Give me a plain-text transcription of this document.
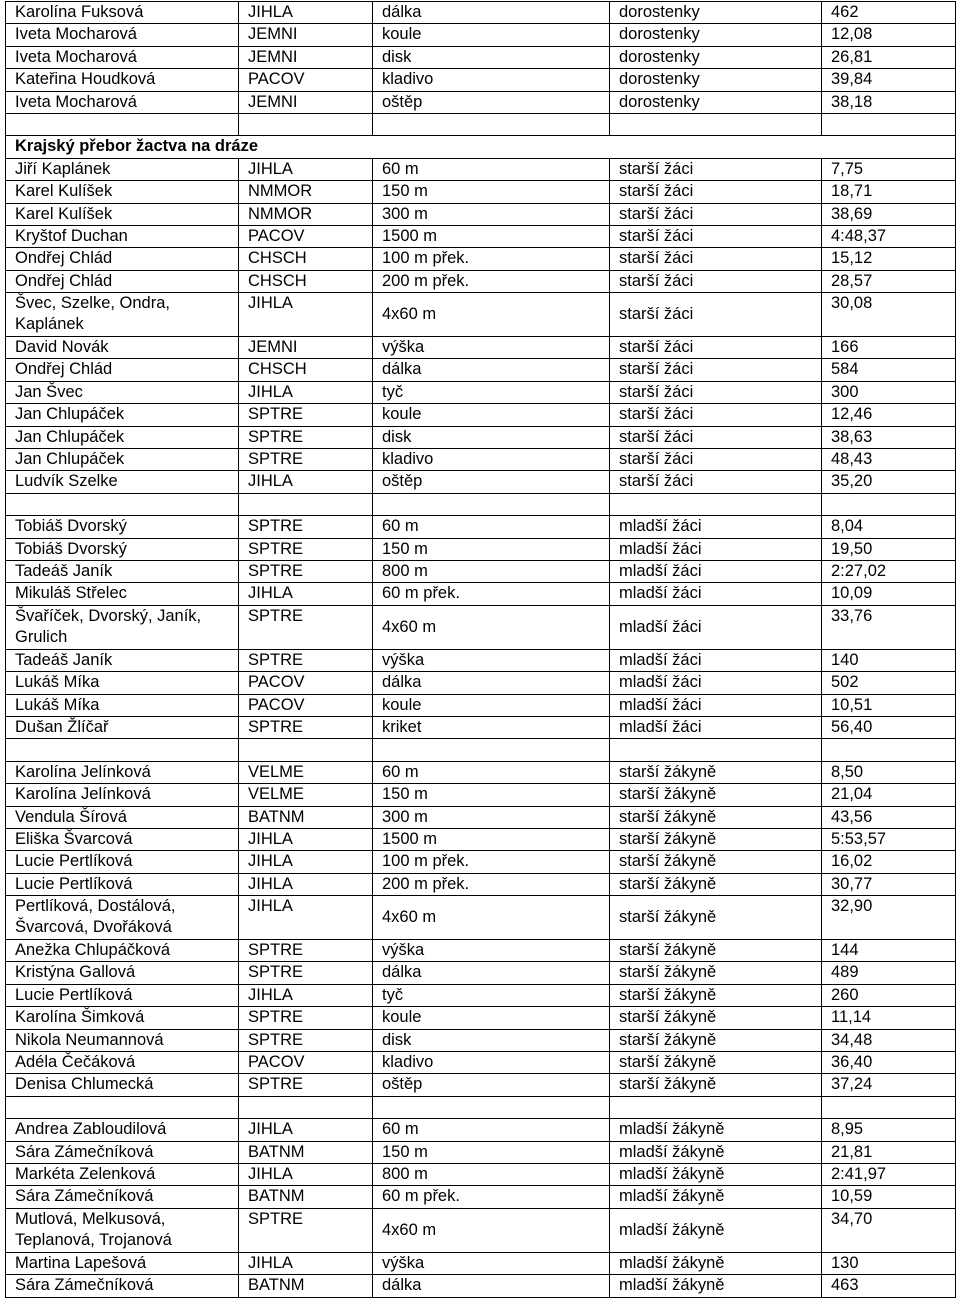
Karolína Fuksová	JIHLA	dálka	dorostenky	462
Iveta Mocharová	JEMNI	koule	dorostenky	12,08
Iveta Mocharová	JEMNI	disk	dorostenky	26,81
Kateřina Houdková	PACOV	kladivo	dorostenky	39,84
Iveta Mocharová	JEMNI	oštěp	dorostenky	38,18

Krajský přebor žactva na dráze				
Jiří Kaplánek	JIHLA	60 m	starší žáci	7,75
Karel Kulíšek	NMMOR	150 m	starší žáci	18,71
Karel Kulíšek	NMMOR	300 m	starší žáci	38,69
Kryštof Duchan	PACOV	1500 m	starší žáci	4:48,37
Ondřej Chlád	CHSCH	100 m přek.	starší žáci	15,12
Ondřej Chlád	CHSCH	200 m přek.	starší žáci	28,57
Švec, Szelke, Ondra, Kaplánek	JIHLA	4x60 m	starší žáci	30,08
David Novák	JEMNI	výška	starší žáci	166
Ondřej Chlád	CHSCH	dálka	starší žáci	584
Jan Švec	JIHLA	tyč	starší žáci	300
Jan Chlupáček	SPTRE	koule	starší žáci	12,46
Jan Chlupáček	SPTRE	disk	starší žáci	38,63
Jan Chlupáček	SPTRE	kladivo	starší žáci	48,43
Ludvík Szelke	JIHLA	oštěp	starší žáci	35,20

Tobiáš Dvorský	SPTRE	60 m	mladší žáci	8,04
Tobiáš Dvorský	SPTRE	150 m	mladší žáci	19,50
Tadeáš Janík	SPTRE	800 m	mladší žáci	2:27,02
Mikuláš Střelec	JIHLA	60 m přek.	mladší žáci	10,09
Švaříček, Dvorský, Janík, Grulich	SPTRE	4x60 m	mladší žáci	33,76
Tadeáš Janík	SPTRE	výška	mladší žáci	140
Lukáš Míka	PACOV	dálka	mladší žáci	502
Lukáš Míka	PACOV	koule	mladší žáci	10,51
Dušan Žlíčař	SPTRE	kriket	mladší žáci	56,40

Karolína Jelínková	VELME	60 m	starší žákyně	8,50
Karolína Jelínková	VELME	150 m	starší žákyně	21,04
Vendula Šírová	BATNM	300 m	starší žákyně	43,56
Eliška Švarcová	JIHLA	1500 m	starší žákyně	5:53,57
Lucie Pertlíková	JIHLA	100 m přek.	starší žákyně	16,02
Lucie Pertlíková	JIHLA	200 m přek.	starší žákyně	30,77
Pertlíková, Dostálová, Švarcová, Dvořáková	JIHLA	4x60 m	starší žákyně	32,90
Anežka Chlupáčková	SPTRE	výška	starší žákyně	144
Kristýna Gallová	SPTRE	dálka	starší žákyně	489
Lucie Pertlíková	JIHLA	tyč	starší žákyně	260
Karolína Šimková	SPTRE	koule	starší žákyně	11,14
Nikola Neumannová	SPTRE	disk	starší žákyně	34,48
Adéla Čečáková	PACOV	kladivo	starší žákyně	36,40
Denisa Chlumecká	SPTRE	oštěp	starší žákyně	37,24

Andrea Zabloudilová	JIHLA	60 m	mladší žákyně	8,95
Sára Zámečníková	BATNM	150 m	mladší žákyně	21,81
Markéta Zelenková	JIHLA	800 m	mladší žákyně	2:41,97
Sára Zámečníková	BATNM	60 m přek.	mladší žákyně	10,59
Mutlová, Melkusová, Teplanová, Trojanová	SPTRE	4x60 m	mladší žákyně	34,70
Martina Lapešová	JIHLA	výška	mladší žákyně	130
Sára Zámečníková	BATNM	dálka	mladší žákyně	463
